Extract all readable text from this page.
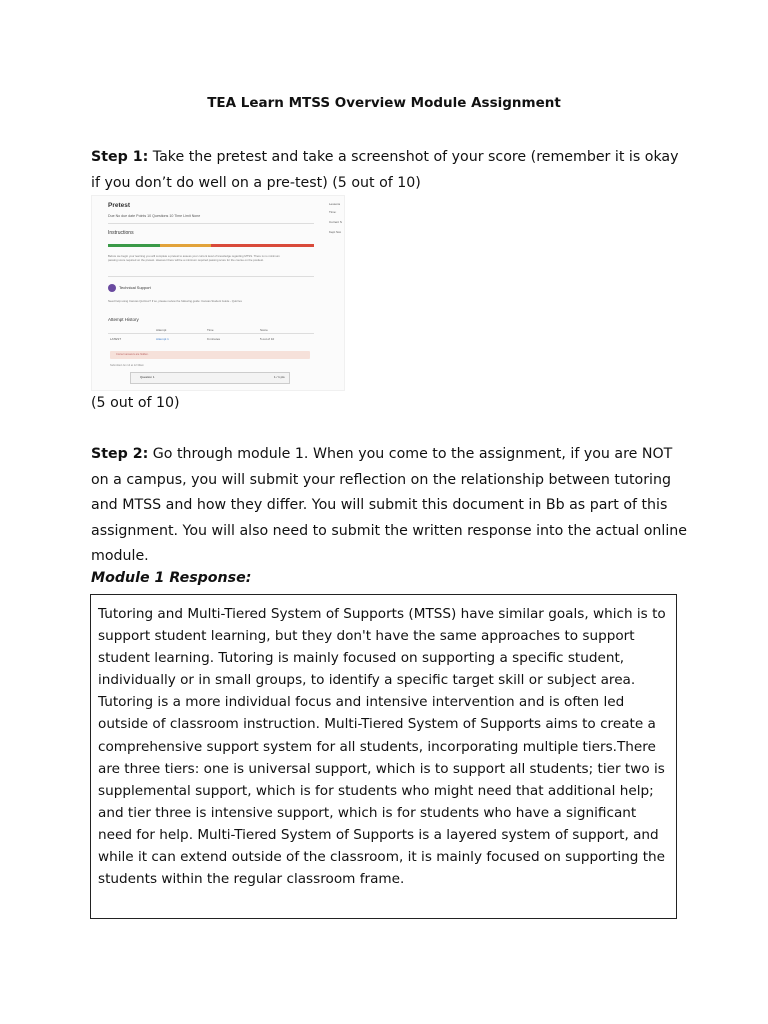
TEA Learn MTSS Overview Module Assignment

Step 1: Take the pretest and take a screenshot of your score (remember it is okay if you don’t do well on a pre-test) (5 out of 10)

Pretest
Due No due date Points 10 Questions 10 Time Limit None
Instructions
Before we begin your learning you will complete a pretest to assess your current level of knowledge regarding MTSS. There is no minimum
passing score required on the pretest. However there will be a minimum required passing score for the course on the posttest.
Technical Support
Need help using Canvas Quizzes? If so, please review the following guide: Canvas Student Guide - Quizzes
Attempt History
Attempt	Time	Score
LATEST	Attempt 1	9 minutes	5 out of 10
Correct answers are hidden.
Submitted Jun 14 at 12:39am
Question 1	1 / 1 pts
Lessons
Time:
Current S
Kept Sco
(5 out of 10)

Step 2: Go through module 1. When you come to the assignment, if you are NOT on a campus, you will submit your reflection on the relationship between tutoring and MTSS and how they differ. You will submit this document in Bb as part of this assignment. You will also need to submit the written response into the actual online module.

Module 1 Response:
Tutoring and Multi-Tiered System of Supports (MTSS) have similar goals, which is to support student learning, but they don't have the same approaches to support student learning. Tutoring is mainly focused on supporting a specific student, individually or in small groups, to identify a specific target skill or subject area. Tutoring is a more individual focus and intensive intervention and is often led outside of classroom instruction. Multi-Tiered System of Supports aims to create a comprehensive support system for all students, incorporating multiple tiers.There are three tiers: one is universal support, which is to support all students; tier two is supplemental support, which is for students who might need that additional help; and tier three is intensive support, which is for students who have a significant need for help. Multi-Tiered System of Supports is a layered system of support, and while it can extend outside of the classroom, it is mainly focused on supporting the students within the regular classroom frame.
